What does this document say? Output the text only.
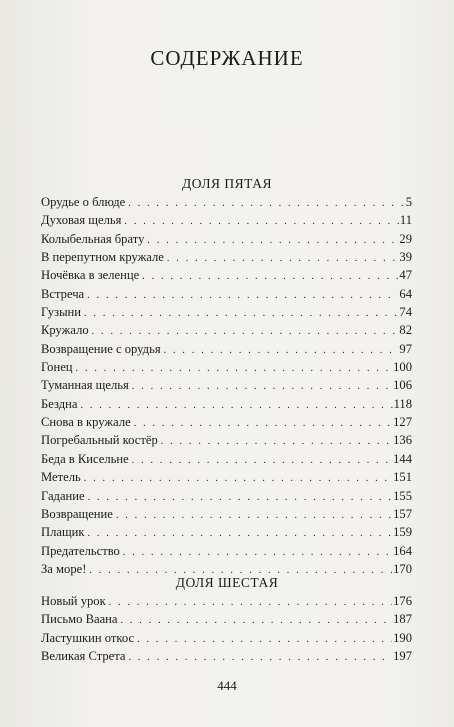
СОДЕРЖАНИЕ
ДОЛЯ ПЯТАЯ
Орудье о блюде . . .	5
Духовая щелья . . .	11
Колыбельная брату . . .	29
В перепутном кружале . . .	39
Ночёвка в зеленце . . .	47
Встреча . . .	64
Гузыни . . .	74
Кружало . . .	82
Возвращение с орудья . . .	97
Гонец . . .	100
Туманная щелья . . .	106
Бездна . . .	118
Снова в кружале . . .	127
Погребальный костёр . . .	136
Беда в Кисельне . . .	144
Метель . . .	151
Гадание . . .	155
Возвращение . . .	157
Плащик . . .	159
Предательство . . .	164
За море! . . .	170
ДОЛЯ ШЕСТАЯ
Новый урок . . .	176
Письмо Ваана . . .	187
Ластушкин откос . . .	190
Великая Стрета . . .	197
444
